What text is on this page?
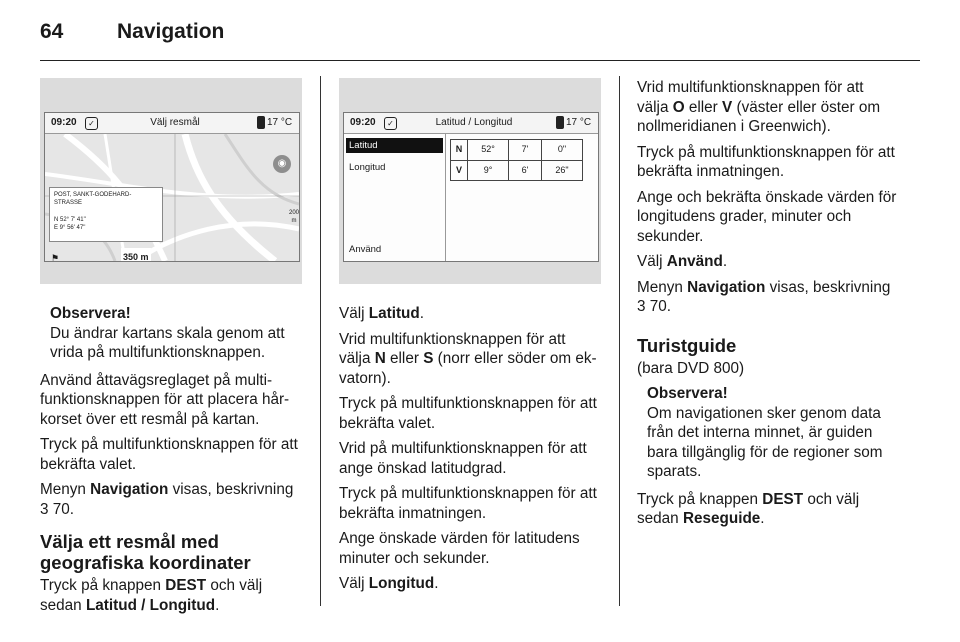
64	Navigation
09:20	✓	Välj resmål	17 °C
POST, SANKT-GODEHARD-STRASSE
N 52° 7' 41"
E 9° 56' 47"
◉
200
m
⚑	350 m
Observera!
Du ändrar kartans skala genom att vrida på multifunktionsknappen.

Använd åttavägsreglaget på multi‐funktionsknappen för att placera hår‐korset över ett resmål på kartan.

Tryck på multifunktionsknappen för att bekräfta valet.

Menyn Navigation visas, beskrivning
3 70.

Välja ett resmål med geografiska koordinater

Tryck på knappen DEST och välj sedan Latitud / Longitud.

09:20	✓	Latitud / Longitud	17 °C
Latitud
Longitud
Använd
N	52°	7'	0"
V	9°	6'	26"

Välj Latitud.

Vrid multifunktionsknappen för att välja N eller S (norr eller söder om ek‐vatorn).

Tryck på multifunktionsknappen för att bekräfta valet.

Vrid på multifunktionsknappen för att ange önskad latitudgrad.

Tryck på multifunktionsknappen för att bekräfta inmatningen.

Ange önskade värden för latitudens minuter och sekunder.

Välj Longitud.

Vrid multifunktionsknappen för att välja O eller V (väster eller öster om nollmeridianen i Greenwich).

Tryck på multifunktionsknappen för att bekräfta inmatningen.

Ange och bekräfta önskade värden för longitudens grader, minuter och sekunder.

Välj Använd.

Menyn Navigation visas, beskrivning
3 70.

Turistguide
(bara DVD 800)
Observera!
Om navigationen sker genom data från det interna minnet, är guiden bara tillgänglig för de regioner som sparats.

Tryck på knappen DEST och välj sedan Reseguide.
